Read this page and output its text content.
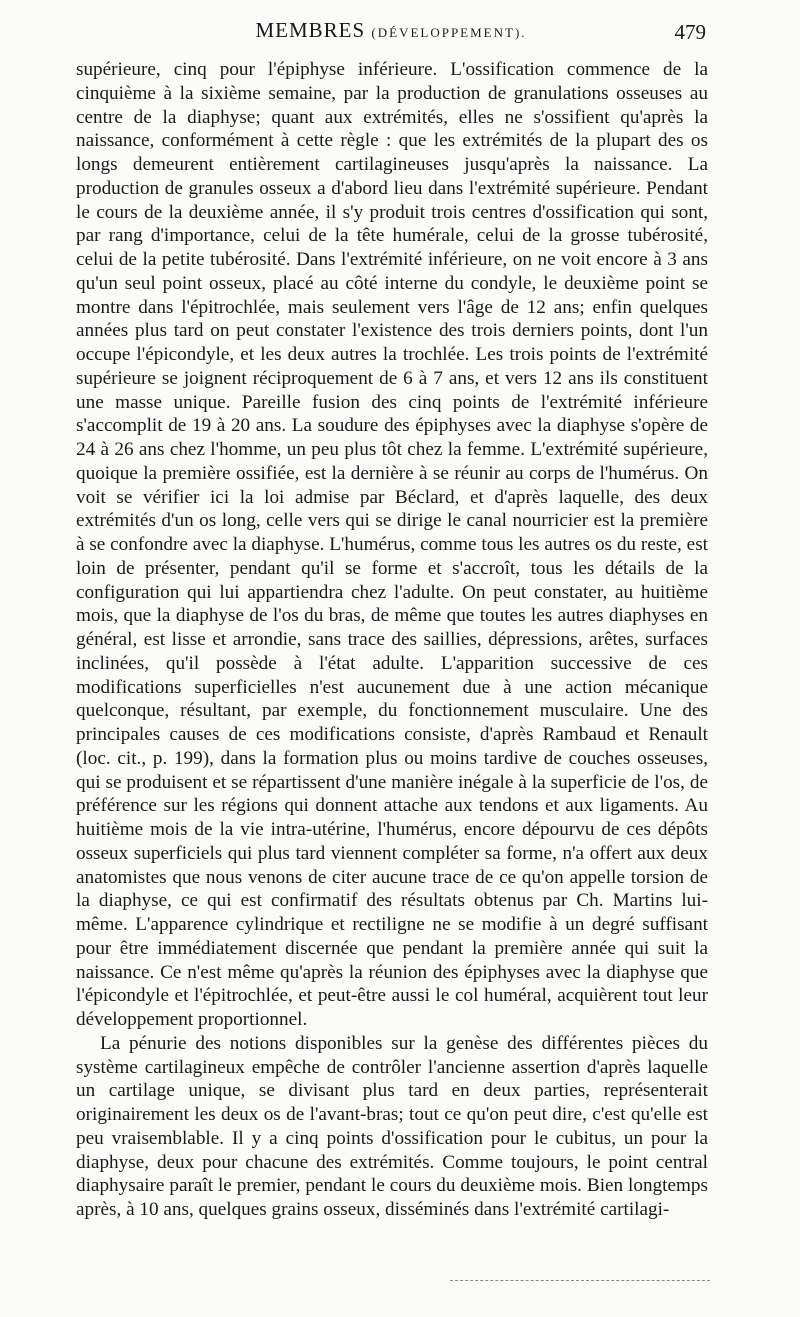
MEMBRES (DÉVELOPPEMENT).	479

supérieure, cinq pour l'épiphyse inférieure. L'ossification commence de la cinquième à la sixième semaine, par la production de granulations osseuses au centre de la diaphyse; quant aux extrémités, elles ne s'ossifient qu'après la naissance, conformément à cette règle : que les extrémités de la plupart des os longs demeurent entièrement cartilagineuses jusqu'après la naissance. La production de granules osseux a d'abord lieu dans l'extrémité supérieure. Pendant le cours de la deuxième année, il s'y produit trois centres d'ossification qui sont, par rang d'importance, celui de la tête humérale, celui de la grosse tubérosité, celui de la petite tubérosité. Dans l'extrémité inférieure, on ne voit encore à 3 ans qu'un seul point osseux, placé au côté interne du condyle, le deuxième point se montre dans l'épitrochlée, mais seulement vers l'âge de 12 ans; enfin quelques années plus tard on peut constater l'existence des trois derniers points, dont l'un occupe l'épicondyle, et les deux autres la trochlée. Les trois points de l'extrémité supérieure se joignent réciproquement de 6 à 7 ans, et vers 12 ans ils constituent une masse unique. Pareille fusion des cinq points de l'extrémité inférieure s'accomplit de 19 à 20 ans. La soudure des épiphyses avec la diaphyse s'opère de 24 à 26 ans chez l'homme, un peu plus tôt chez la femme. L'extrémité supérieure, quoique la première ossifiée, est la dernière à se réunir au corps de l'humérus. On voit se vérifier ici la loi admise par Béclard, et d'après laquelle, des deux extrémités d'un os long, celle vers qui se dirige le canal nourricier est la première à se confondre avec la diaphyse. L'humérus, comme tous les autres os du reste, est loin de présenter, pendant qu'il se forme et s'accroît, tous les détails de la configuration qui lui appartiendra chez l'adulte. On peut constater, au huitième mois, que la diaphyse de l'os du bras, de même que toutes les autres diaphyses en général, est lisse et arrondie, sans trace des saillies, dépressions, arêtes, surfaces inclinées, qu'il possède à l'état adulte. L'apparition successive de ces modifications superficielles n'est aucunement due à une action mécanique quelconque, résultant, par exemple, du fonctionnement musculaire. Une des principales causes de ces modifications consiste, d'après Rambaud et Renault (loc. cit., p. 199), dans la formation plus ou moins tardive de couches osseuses, qui se produisent et se répartissent d'une manière inégale à la superficie de l'os, de préférence sur les régions qui donnent attache aux tendons et aux ligaments. Au huitième mois de la vie intra-utérine, l'humérus, encore dépourvu de ces dépôts osseux superficiels qui plus tard viennent compléter sa forme, n'a offert aux deux anatomistes que nous venons de citer aucune trace de ce qu'on appelle torsion de la diaphyse, ce qui est confirmatif des résultats obtenus par Ch. Martins lui-même. L'apparence cylindrique et rectiligne ne se modifie à un degré suffisant pour être immédiatement discernée que pendant la première année qui suit la naissance. Ce n'est même qu'après la réunion des épiphyses avec la diaphyse que l'épicondyle et l'épitrochlée, et peut-être aussi le col huméral, acquièrent tout leur développement proportionnel.

La pénurie des notions disponibles sur la genèse des différentes pièces du système cartilagineux empêche de contrôler l'ancienne assertion d'après laquelle un cartilage unique, se divisant plus tard en deux parties, représenterait originairement les deux os de l'avant-bras; tout ce qu'on peut dire, c'est qu'elle est peu vraisemblable. Il y a cinq points d'ossification pour le cubitus, un pour la diaphyse, deux pour chacune des extrémités. Comme toujours, le point central diaphysaire paraît le premier, pendant le cours du deuxième mois. Bien longtemps après, à 10 ans, quelques grains osseux, disséminés dans l'extrémité cartilagi-
